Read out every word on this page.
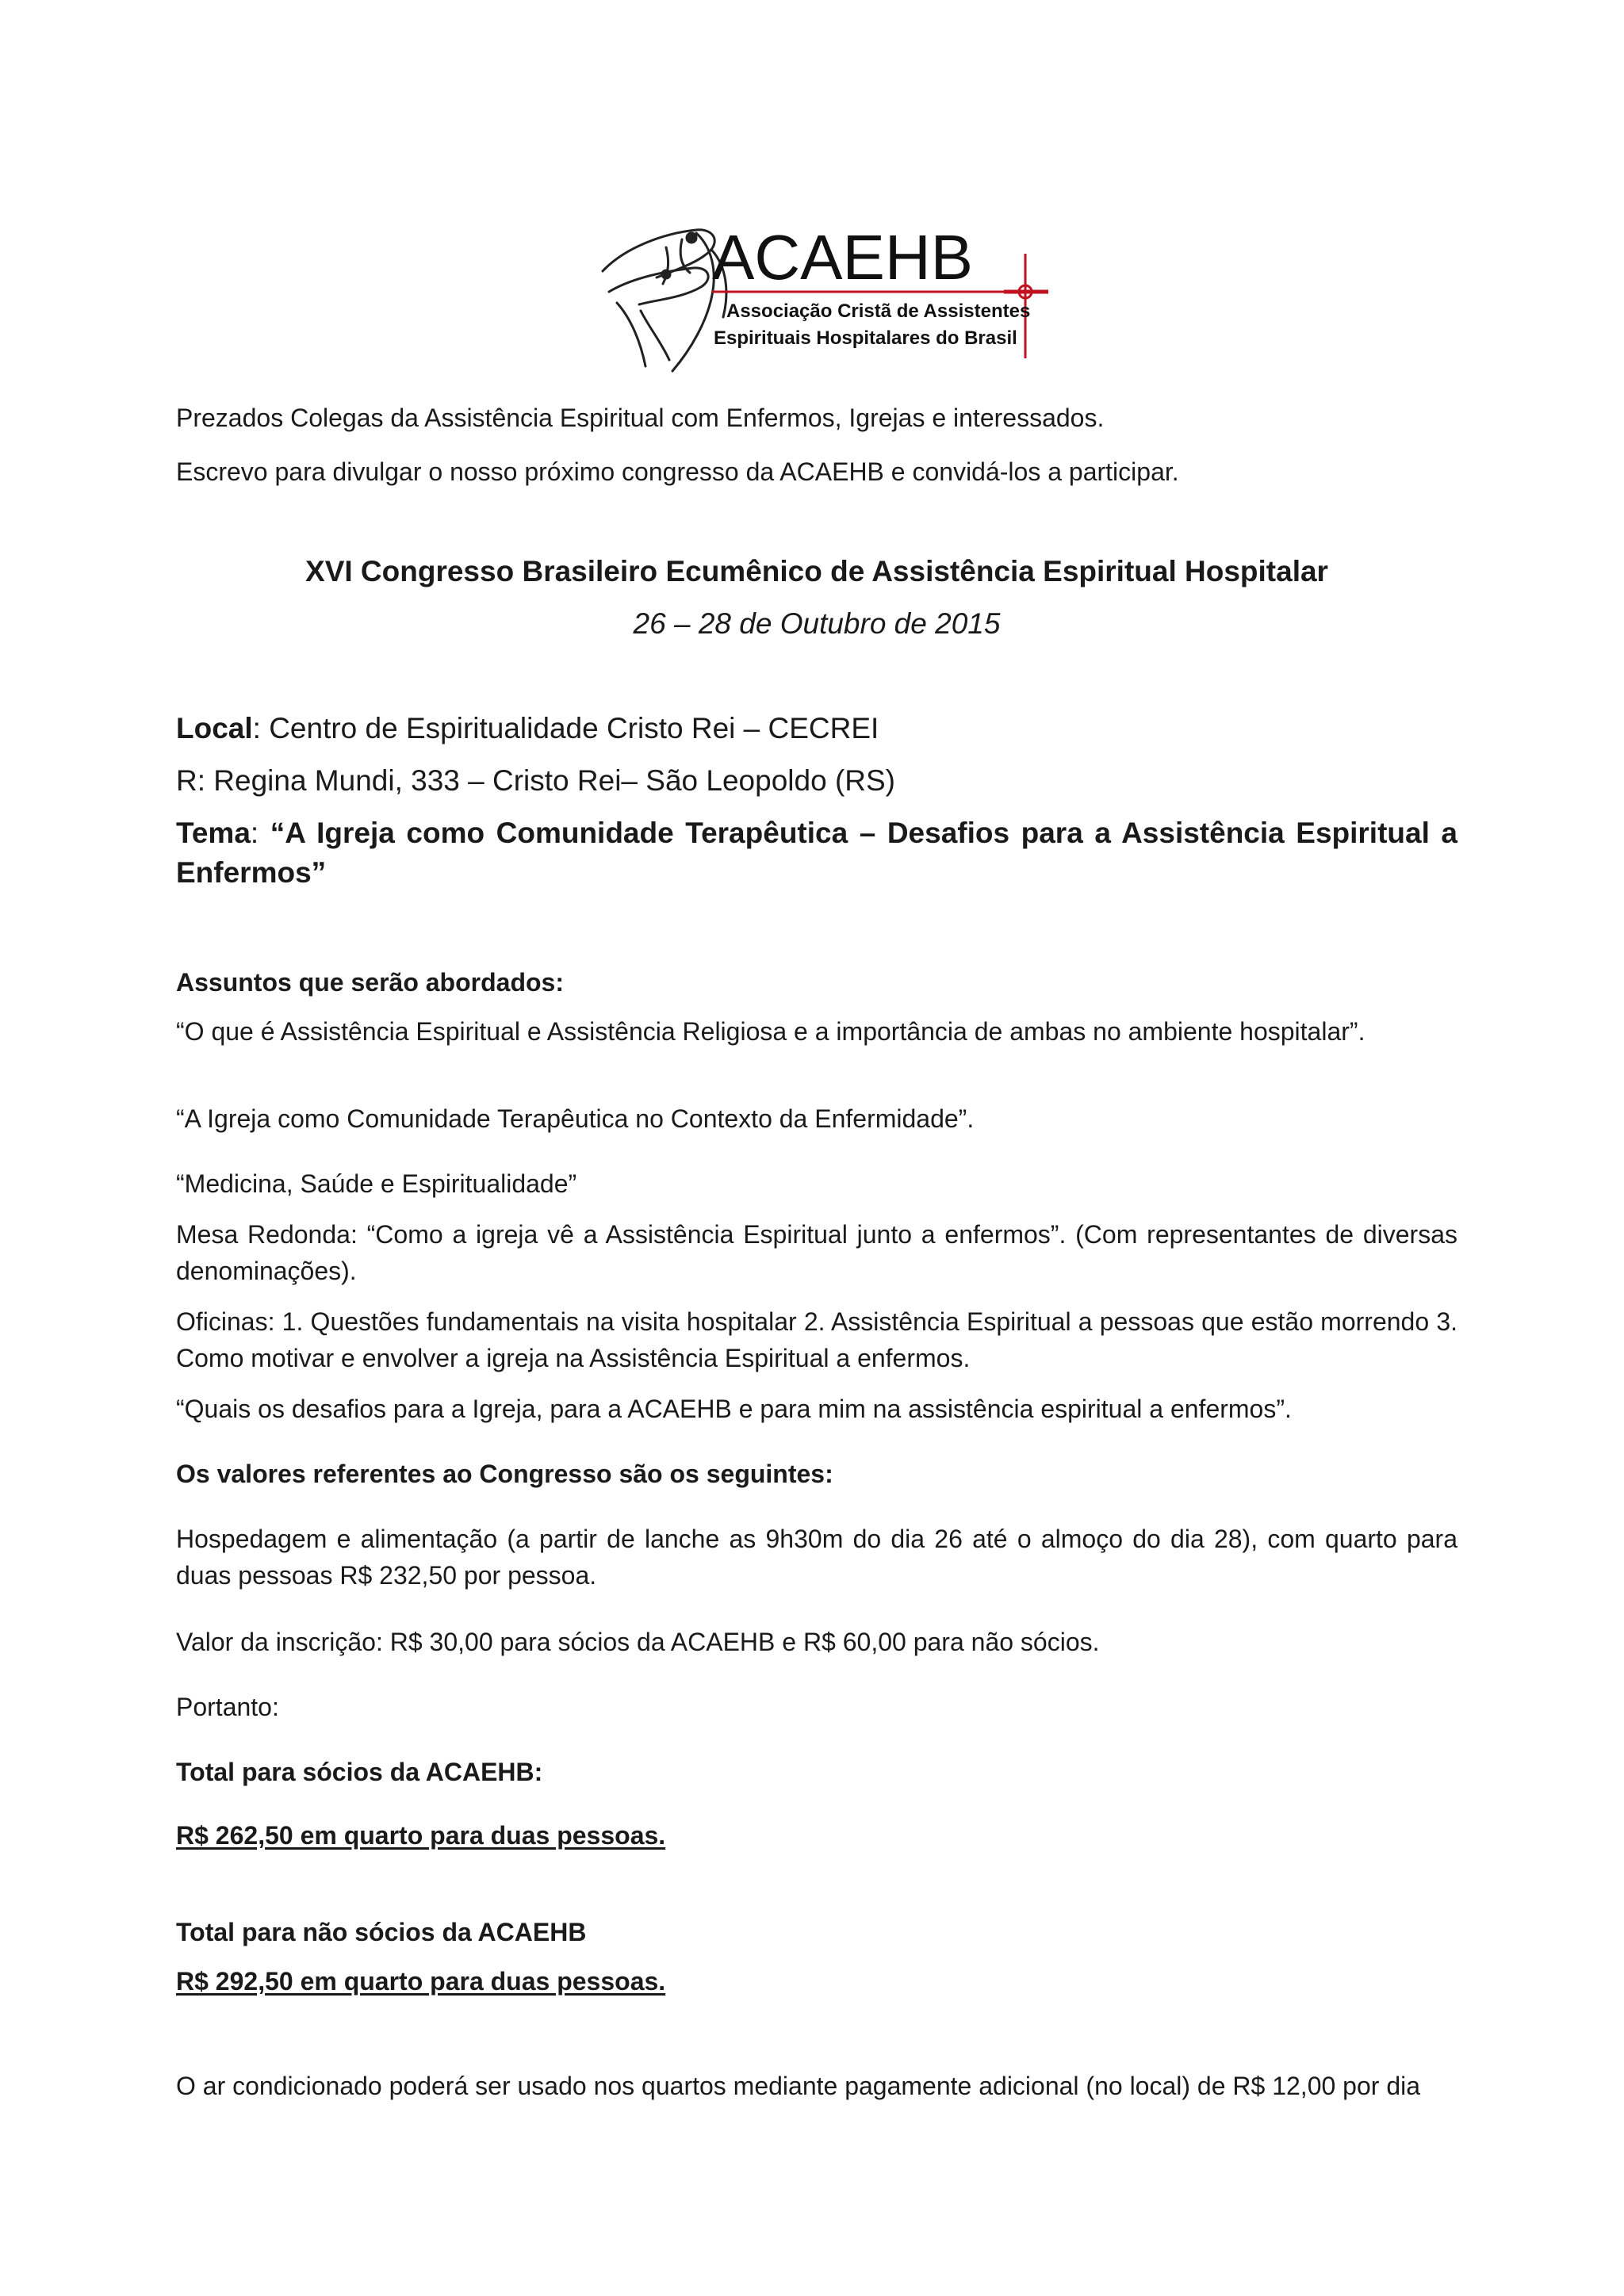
ACAEHB
Associação Cristã de Assistentes
Espirituais Hospitalares do Brasil

Prezados Colegas da Assistência Espiritual com Enfermos, Igrejas e interessados.

Escrevo para divulgar o nosso próximo congresso da ACAEHB e convidá-los a participar.

XVI Congresso Brasileiro Ecumênico de Assistência Espiritual Hospitalar

26 – 28 de Outubro de 2015

Local: Centro de Espiritualidade Cristo Rei – CECREI

R: Regina Mundi, 333 – Cristo Rei– São Leopoldo (RS)

Tema: “A Igreja como Comunidade Terapêutica – Desafios para a Assistência Espiritual a Enfermos”

Assuntos que serão abordados:

“O que é Assistência Espiritual e Assistência Religiosa e a importância de ambas no ambiente hospitalar”.

“A Igreja como Comunidade Terapêutica no Contexto da Enfermidade”.

“Medicina, Saúde e Espiritualidade”

Mesa Redonda: “Como a igreja vê a Assistência Espiritual junto a enfermos”. (Com representantes de diversas denominações).

Oficinas: 1. Questões fundamentais na visita hospitalar 2. Assistência Espiritual a pessoas que estão morrendo 3. Como motivar e envolver a igreja na Assistência Espiritual a enfermos.

“Quais os desafios para a Igreja, para a ACAEHB e para mim na assistência espiritual a enfermos”.

Os valores referentes ao Congresso são os seguintes:

Hospedagem e alimentação (a partir de lanche as 9h30m do dia 26 até o almoço do dia 28), com quarto para duas pessoas R$ 232,50 por pessoa.

Valor da inscrição: R$ 30,00 para sócios da ACAEHB e R$ 60,00 para não sócios.

Portanto:

Total para sócios da ACAEHB:

R$ 262,50 em quarto para duas pessoas.

Total para não sócios da ACAEHB

R$ 292,50 em quarto para duas pessoas.

O ar condicionado poderá ser usado nos quartos mediante pagamente adicional (no local) de R$ 12,00 por dia
